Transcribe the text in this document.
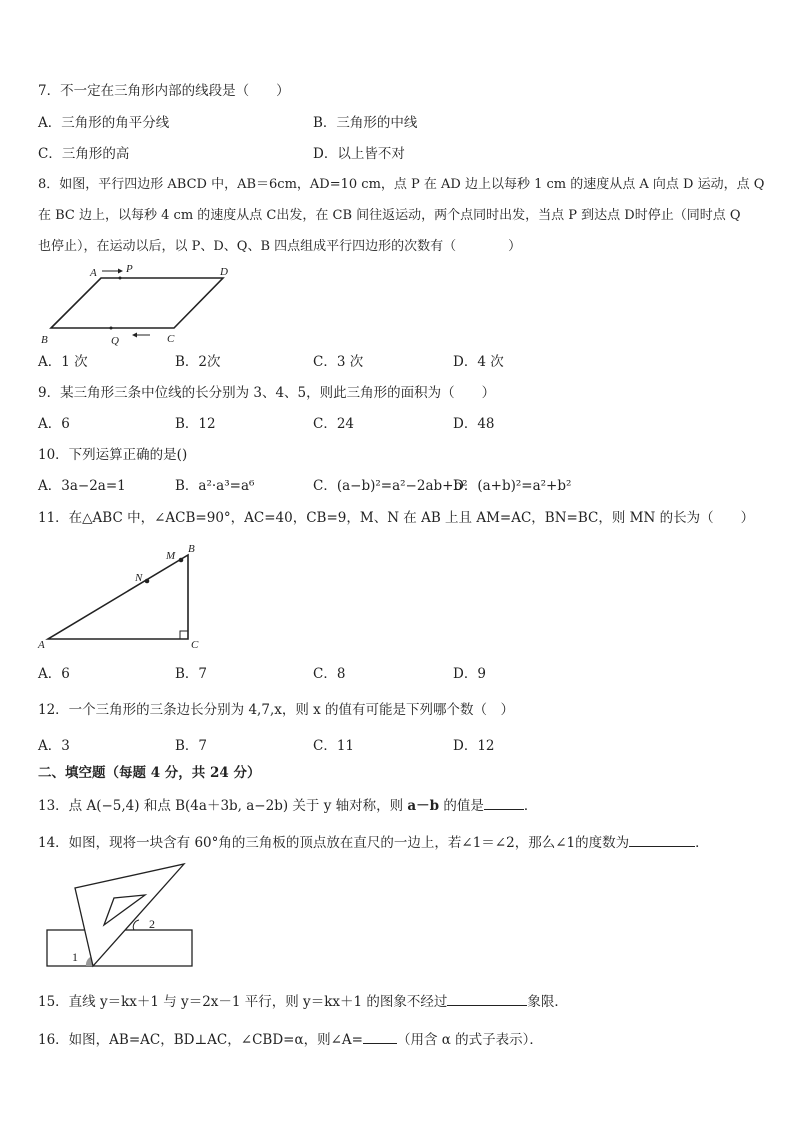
7．不一定在三角形内部的线段是（　　）
A．三角形的角平分线	B．三角形的中线
C．三角形的高	D．以上皆不对
8．如图，平行四边形 ABCD 中，AB＝6cm，AD=10 cm，点 P 在 AD 边上以每秒 1 cm 的速度从点 A 向点 D 运动，点 Q
在 BC 边上，以每秒 4 cm 的速度从点 C出发，在 CB 间往返运动，两个点同时出发，当点 P 到达点 D时停止（同时点 Q
也停止），在运动以后，以 P、D、Q、B 四点组成平行四边形的次数有（　　　　）
A	P	D
B	Q	C
A．1 次	B．2次	C．3 次	D．4 次
9．某三角形三条中位线的长分别为 3、4、5，则此三角形的面积为（　　）
A．6	B．12	C．24	D．48
10．下列运算正确的是()
A．3a−2a=1	B．a²·a³=a⁶	C．(a−b)²=a²−2ab+b²
D．(a+b)²=a²+b²
11．在△ABC 中，∠ACB=90°，AC=40，CB=9，M、N 在 AB 上且 AM=AC，BN=BC，则 MN 的长为（　　）
M
B
N
A	C
A．6	B．7	C．8	D．9
12．一个三角形的三条边长分别为 4,7,x，则 x 的值有可能是下列哪个数（　）
A．3	B．7	C．11	D．12
二、填空题（每题 4 分，共 24 分）
13．点 A(−5,4) 和点 B(4a＋3b, a−2b) 关于 y 轴对称，则 a－b 的值是	．
14．如图，现将一块含有 60°角的三角板的顶点放在直尺的一边上，若∠1＝∠2，那么∠1的度数为	．
2
1
15．直线 y＝kx＋1 与 y＝2x－1 平行，则 y＝kx＋1 的图象不经过	象限．
16．如图，AB=AC，BD⊥AC，∠CBD=α，则∠A=	（用含 α 的式子表示）．
